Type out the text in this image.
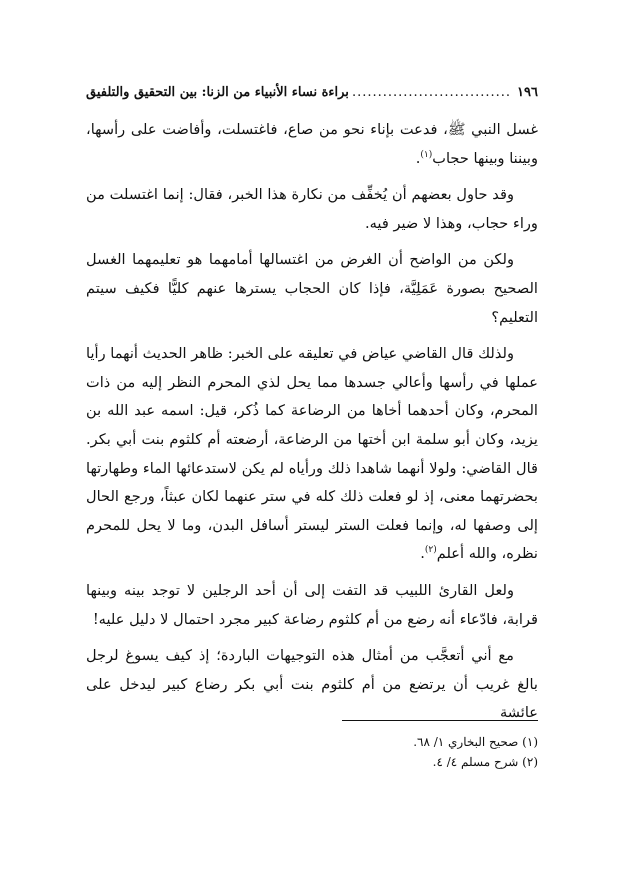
١٩٦
.....
براءة نساء الأنبياء من الزنا: بين التحقيق والتلفيق

غسل النبي ﷺ، فدعت بإناء نحو من صاع، فاغتسلت، وأفاضت على رأسها، وبيننا وبينها حجاب$^{(١)}$.

وقد حاول بعضهم أن يُخفِّف من نكارة هذا الخبر، فقال: إنما اغتسلت من وراء حجاب، وهذا لا ضير فيه.

ولكن من الواضح أن الغرض من اغتسالها أمامهما هو تعليمهما الغسل الصحيح بصورة عَمَلِيَّة، فإذا كان الحجاب يسترها عنهم كليًّا فكيف سيتم التعليم؟

ولذلك قال القاضي عياض في تعليقه على الخبر: ظاهر الحديث أنهما رأيا عملها في رأسها وأعالي جسدها مما يحل لذي المحرم النظر إليه من ذات المحرم، وكان أحدهما أخاها من الرضاعة كما ذُكر، قيل: اسمه عبد الله بن يزيد، وكان أبو سلمة ابن أختها من الرضاعة، أرضعته أم كلثوم بنت أبي بكر. قال القاضي: ولولا أنهما شاهدا ذلك ورأياه لم يكن لاستدعائها الماء وطهارتها بحضرتهما معنى، إذ لو فعلت ذلك كله في ستر عنهما لكان عبثاً، ورجع الحال إلى وصفها له، وإنما فعلت الستر ليستر أسافل البدن، وما لا يحل للمحرم نظره، والله أعلم$^{(٢)}$.

ولعل القارئ اللبيب قد التفت إلى أن أحد الرجلين لا توجد بينه وبينها قرابة، فادّعاء أنه رضع من أم كلثوم رضاعة كبير مجرد احتمال لا دليل عليه!

مع أني أتعجَّب من أمثال هذه التوجيهات الباردة؛ إذ كيف يسوغ لرجل بالغ غريب أن يرتضع من أم كلثوم بنت أبي بكر رضاع كبير ليدخل على عائشة

(١) صحيح البخاري ١/ ٦٨.
(٢) شرح مسلم ٤/ ٤.
